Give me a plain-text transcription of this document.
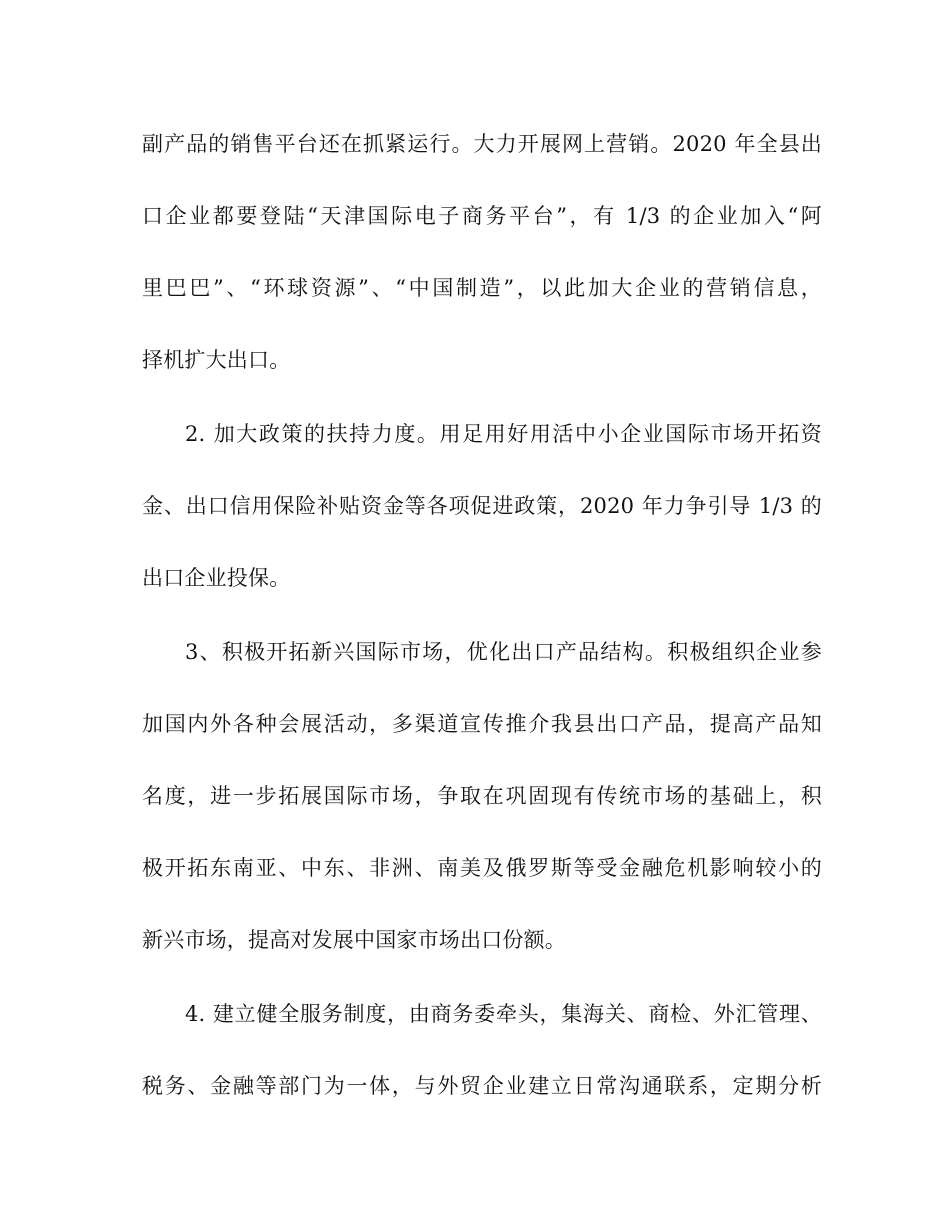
副产品的销售平台还在抓紧运行。大力开展网上营销。2020 年全县出
口企业都要登陆“天津国际电子商务平台”，有 1/3 的企业加入“阿
里巴巴”、“环球资源”、“中国制造”，以此加大企业的营销信息，
择机扩大出口。
2. 加大政策的扶持力度。用足用好用活中小企业国际市场开拓资
金、出口信用保险补贴资金等各项促进政策，2020 年力争引导 1/3 的
出口企业投保。
3、积极开拓新兴国际市场，优化出口产品结构。积极组织企业参
加国内外各种会展活动，多渠道宣传推介我县出口产品，提高产品知
名度，进一步拓展国际市场，争取在巩固现有传统市场的基础上，积
极开拓东南亚、中东、非洲、南美及俄罗斯等受金融危机影响较小的
新兴市场，提高对发展中国家市场出口份额。
4. 建立健全服务制度，由商务委牵头，集海关、商检、外汇管理、
税务、金融等部门为一体，与外贸企业建立日常沟通联系，定期分析
